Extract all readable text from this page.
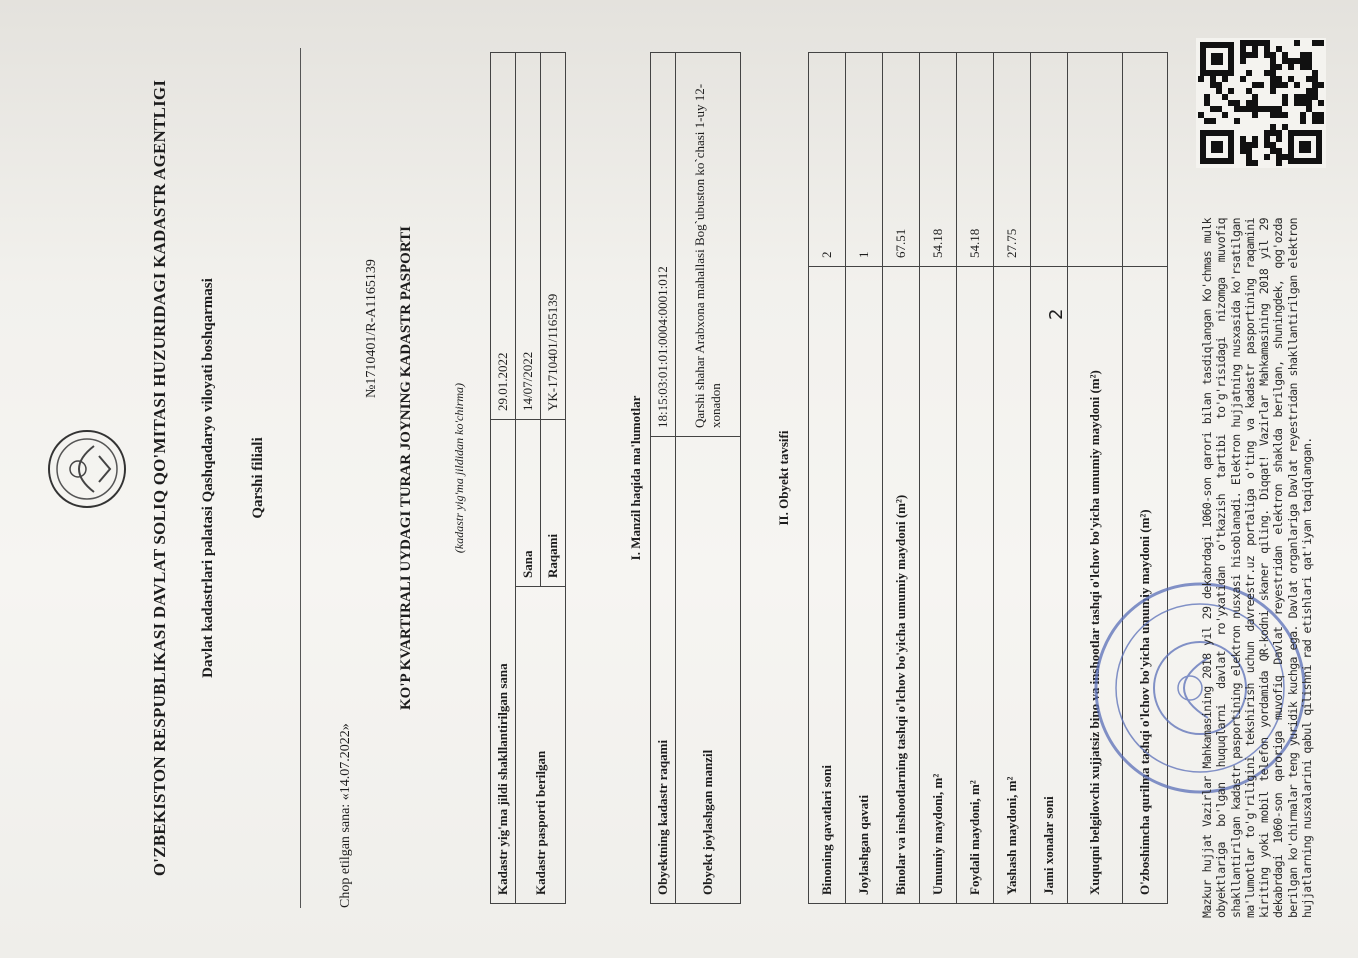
O'ZBEKISTON RESPUBLIKASI DAVLAT SOLIQ QO'MITASI HUZURIDAGI KADASTR AGENTLIGI Davlat kadastrlari palatasi Qashqadaryo viloyati boshqarmasi Qarshi filiali
Chop etilgan sana: «14.07.2022»
№1710401/R-A1165139 KO'P KVARTIRALI UYDAGI TURAR JOYNING KADASTR PASPORTI	(kadastr yig'ma jildidan ko'chirma)
Kadastr yig'ma jildi shakllantirilgan sana		29.01.2022
Kadastr pasporti berilgan	Sana	14/07/2022
	Raqami	YK-1710401/1165139
I. Manzil haqida ma'lumotlar
Obyektning kadastr raqami	18:15:03:01:01:0004:0001:012
Obyekt joylashgan manzil	Qarshi shahar Arabxona mahallasi Bog`ubuston ko`chasi 1-uy 12-xonadon
II. Obyekt tavsifi
Binoning qavatlari soni	2
Joylashgan qavati	1
Binolar va inshootlarning tashqi o'lchov bo'yicha umumiy maydoni (m²)	67.51
Umumiy maydoni, m²	54.18
Foydali maydoni, m²	54.18
Yashash maydoni, m²	27.75
Jami xonalar soni	
Xuquqni belgilovchi xujjatsiz bino va inshootlar tashqi o'lchov bo'yicha umumiy maydoni (m²)	
O'zboshimcha qurilma tashqi o'lchov bo'yicha umumiy maydoni (m²)	
2	Mazkur hujjat Vazirlar Mahkamasining 2018 yil 29 dekabrdagi 1060-son qarori bilan tasdiqlangan Ko'chmas mulk obyektlariga bo'lgan huquqlarni davlat ro'yxatidan o'tkazish tartibi to'g'risidagi nizomga muvofiq shakllantirilgan kadastr pasportining elektron nusxasi hisoblanadi. Elektron hujjatning nusxasida ko'rsatilgan ma'lumotlar to'g'riligini tekshirish uchun davreestr.uz portaliga o'ting va kadastr pasportining raqamini kiriting yoki mobil telefon yordamida QR-kodni skaner qiling. Diqqat! Vazirlar Mahkamasining 2018 yil 29 dekabrdagi 1060-son qaroriga muvofiq Davlat reyestridan elektron shaklda berilgan, shuningdek, qog'ozda berilgan ko'chirmalar teng yuridik kuchga ega. Davlat organlariga Davlat reyestridan shakllantirilgan elektron hujjatlarning nusxalarini qabul qilishni rad etishlari qat'iyan taqiqlangan.
